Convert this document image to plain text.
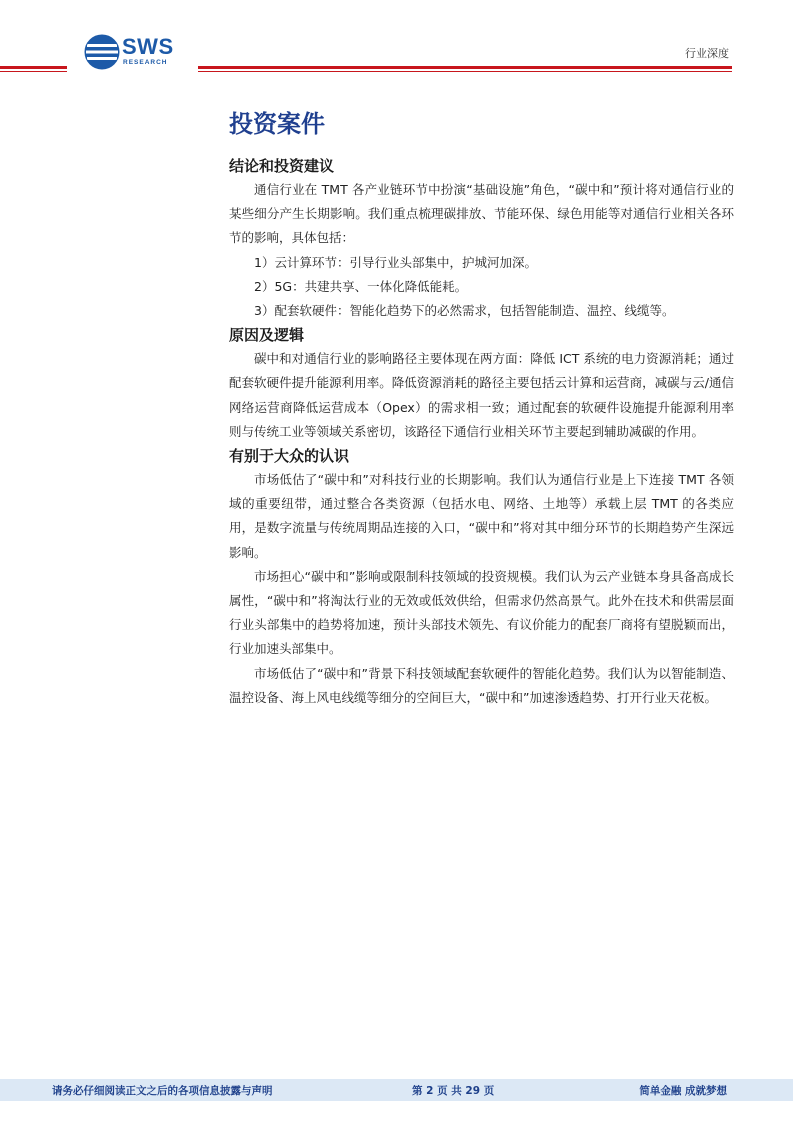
SWS
RESEARCH
行业深度
投资案件
结论和投资建议

通信行业在 TMT 各产业链环节中扮演“基础设施”角色，“碳中和”预计将对通信行业的某些细分产生长期影响。我们重点梳理碳排放、节能环保、绿色用能等对通信行业相关各环节的影响，具体包括：

1）云计算环节：引导行业头部集中，护城河加深。

2）5G：共建共享、一体化降低能耗。

3）配套软硬件：智能化趋势下的必然需求，包括智能制造、温控、线缆等。

原因及逻辑

碳中和对通信行业的影响路径主要体现在两方面：降低 ICT 系统的电力资源消耗；通过配套软硬件提升能源利用率。降低资源消耗的路径主要包括云计算和运营商，减碳与云/通信网络运营商降低运营成本（Opex）的需求相一致；通过配套的软硬件设施提升能源利用率则与传统工业等领域关系密切，该路径下通信行业相关环节主要起到辅助减碳的作用。

有别于大众的认识

市场低估了“碳中和”对科技行业的长期影响。我们认为通信行业是上下连接 TMT 各领域的重要纽带，通过整合各类资源（包括水电、网络、土地等）承载上层 TMT 的各类应用，是数字流量与传统周期品连接的入口，“碳中和”将对其中细分环节的长期趋势产生深远影响。

市场担心“碳中和”影响或限制科技领域的投资规模。我们认为云产业链本身具备高成长属性，“碳中和”将淘汰行业的无效或低效供给，但需求仍然高景气。此外在技术和供需层面行业头部集中的趋势将加速，预计头部技术领先、有议价能力的配套厂商将有望脱颖而出，行业加速头部集中。

市场低估了“碳中和”背景下科技领域配套软硬件的智能化趋势。我们认为以智能制造、温控设备、海上风电线缆等细分的空间巨大，“碳中和”加速渗透趋势、打开行业天花板。

请务必仔细阅读正文之后的各项信息披露与声明	第 2 页 共 29 页	简单金融 成就梦想
